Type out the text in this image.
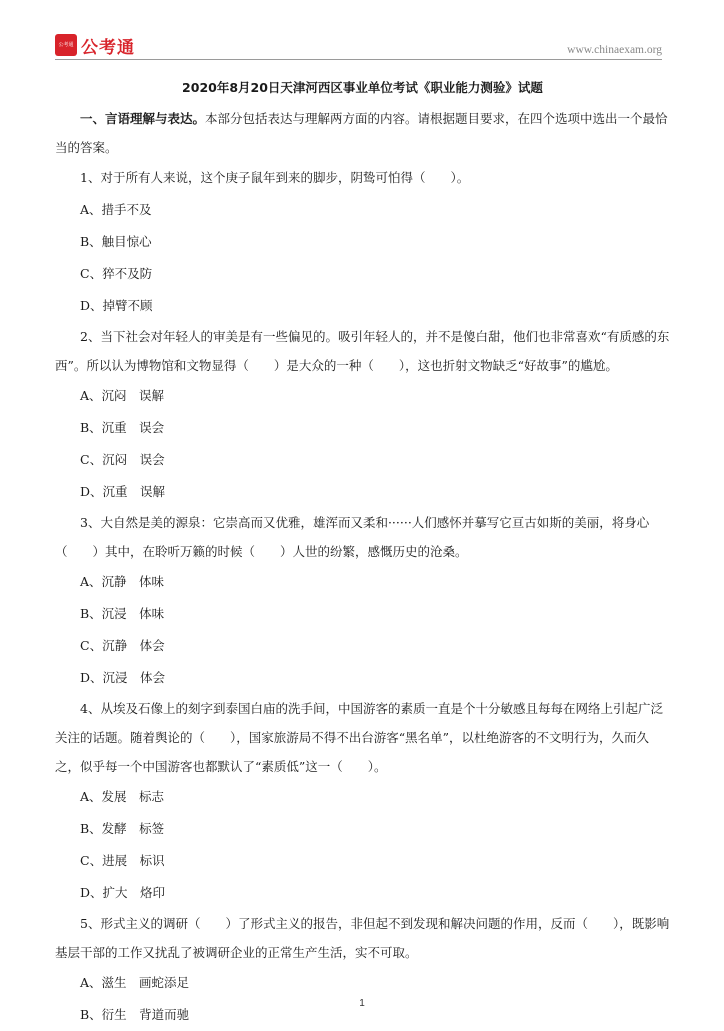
公考通 公考通	www.chinaexam.org
2020年8月20日天津河西区事业单位考试《职业能力测验》试题

一、言语理解与表达。本部分包括表达与理解两方面的内容。请根据题目要求，在四个选项中选出一个最恰当的答案。

1、对于所有人来说，这个庚子鼠年到来的脚步，阴鸷可怕得（　　）。

A、措手不及

B、触目惊心

C、猝不及防

D、掉臂不顾

2、当下社会对年轻人的审美是有一些偏见的。吸引年轻人的，并不是傻白甜，他们也非常喜欢“有质感的东西”。所以认为博物馆和文物显得（　　）是大众的一种（　　），这也折射文物缺乏“好故事”的尴尬。

A、沉闷　误解

B、沉重　误会

C、沉闷　误会

D、沉重　误解

3、大自然是美的源泉：它崇高而又优雅，雄浑而又柔和······人们感怀并摹写它亘古如斯的美丽，将身心（　　）其中，在聆听万籁的时候（　　）人世的纷繁，感慨历史的沧桑。

A、沉静　体味

B、沉浸　体味

C、沉静　体会

D、沉浸　体会

4、从埃及石像上的刻字到泰国白庙的洗手间，中国游客的素质一直是个十分敏感且每每在网络上引起广泛关注的话题。随着舆论的（　　），国家旅游局不得不出台游客“黑名单”，以杜绝游客的不文明行为，久而久之，似乎每一个中国游客也都默认了“素质低”这一（　　）。

A、发展　标志

B、发酵　标签

C、进展　标识

D、扩大　烙印

5、形式主义的调研（　　）了形式主义的报告，非但起不到发现和解决问题的作用，反而（　　），既影响基层干部的工作又扰乱了被调研企业的正常生产生活，实不可取。

A、滋生　画蛇添足

B、衍生　背道而驰

1
